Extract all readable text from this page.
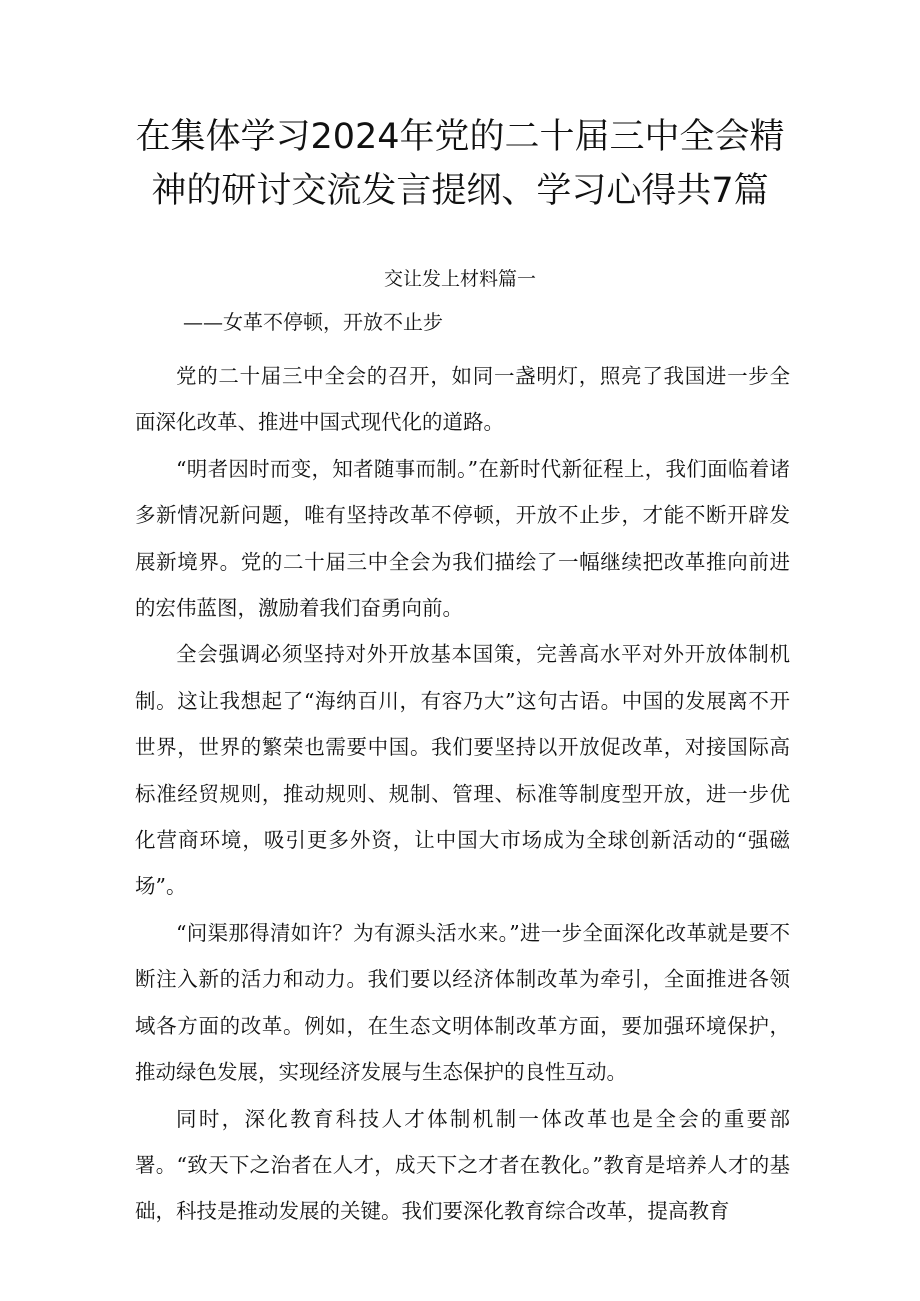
在集体学习2024年党的二十届三中全会精
神的研讨交流发言提纲、学习心得共7篇
交让发上材料篇一
——女革不停顿，开放不止步

党的二十届三中全会的召开，如同一盏明灯，照亮了我国进一步全面深化改革、推进中国式现代化的道路。

“明者因时而变，知者随事而制。”在新时代新征程上，我们面临着诸多新情况新问题，唯有坚持改革不停顿，开放不止步，才能不断开辟发展新境界。党的二十届三中全会为我们描绘了一幅继续把改革推向前进的宏伟蓝图，激励着我们奋勇向前。

全会强调必须坚持对外开放基本国策，完善高水平对外开放体制机制。这让我想起了“海纳百川，有容乃大”这句古语。中国的发展离不开世界，世界的繁荣也需要中国。我们要坚持以开放促改革，对接国际高标准经贸规则，推动规则、规制、管理、标准等制度型开放，进一步优化营商环境，吸引更多外资，让中国大市场成为全球创新活动的“强磁场”。

“问渠那得清如许？为有源头活水来。”进一步全面深化改革就是要不断注入新的活力和动力。我们要以经济体制改革为牵引，全面推进各领域各方面的改革。例如，在生态文明体制改革方面，要加强环境保护，推动绿色发展，实现经济发展与生态保护的良性互动。

同时，深化教育科技人才体制机制一体改革也是全会的重要部署。“致天下之治者在人才，成天下之才者在教化。”教育是培养人才的基础，科技是推动发展的关键。我们要深化教育综合改革，提高教育
